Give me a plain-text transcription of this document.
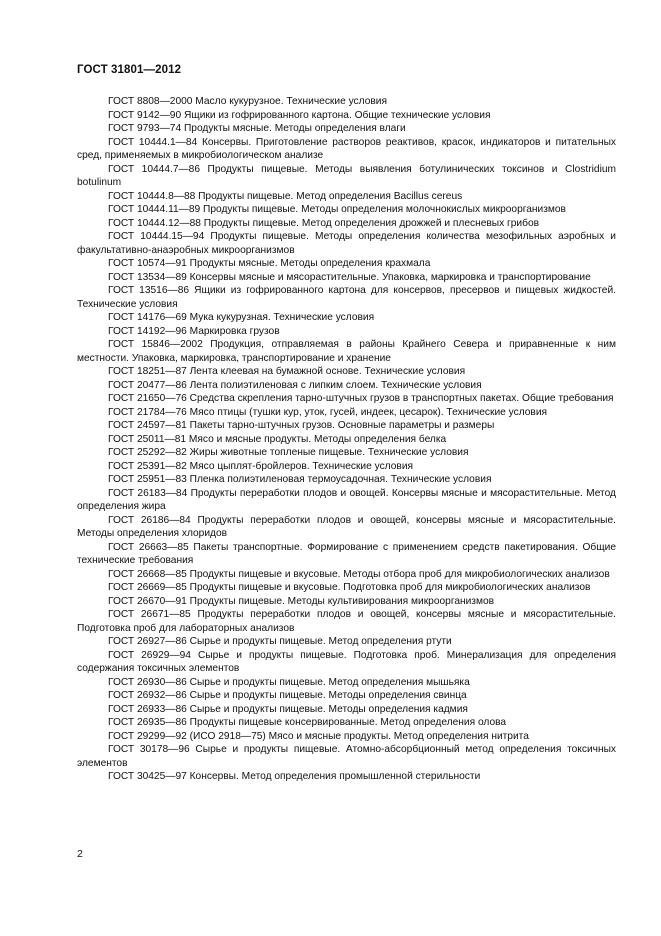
ГОСТ 31801—2012

ГОСТ 8808—2000 Масло кукурузное. Технические условия

ГОСТ 9142—90 Ящики из гофрированного картона. Общие технические условия

ГОСТ 9793—74 Продукты мясные. Методы определения влаги

ГОСТ 10444.1—84 Консервы. Приготовление растворов реактивов, красок, индикаторов и питательных сред, применяемых в микробиологическом анализе

ГОСТ 10444.7—86 Продукты пищевые. Методы выявления ботулинических токсинов и Clostridium botulinum

ГОСТ 10444.8—88 Продукты пищевые. Метод определения Bacillus cereus

ГОСТ 10444.11—89 Продукты пищевые. Методы определения молочнокислых микроорганизмов

ГОСТ 10444.12—88 Продукты пищевые. Метод определения дрожжей и плесневых грибов

ГОСТ 10444.15—94 Продукты пищевые. Методы определения количества мезофильных аэробных и факультативно-анаэробных микроорганизмов

ГОСТ 10574—91 Продукты мясные. Методы определения крахмала

ГОСТ 13534—89 Консервы мясные и мясорастительные. Упаковка, маркировка и транспортирование

ГОСТ 13516—86 Ящики из гофрированного картона для консервов, пресервов и пищевых жидкостей. Технические условия

ГОСТ 14176—69 Мука кукурузная. Технические условия

ГОСТ 14192—96 Маркировка грузов

ГОСТ 15846—2002 Продукция, отправляемая в районы Крайнего Севера и приравненные к ним местности. Упаковка, маркировка, транспортирование и хранение

ГОСТ 18251—87 Лента клеевая на бумажной основе. Технические условия

ГОСТ 20477—86 Лента полиэтиленовая с липким слоем. Технические условия

ГОСТ 21650—76 Средства скрепления тарно-штучных грузов в транспортных пакетах. Общие требования

ГОСТ 21784—76 Мясо птицы (тушки кур, уток, гусей, индеек, цесарок). Технические условия

ГОСТ 24597—81 Пакеты тарно-штучных грузов. Основные параметры и размеры

ГОСТ 25011—81 Мясо и мясные продукты. Методы определения белка

ГОСТ 25292—82 Жиры животные топленые пищевые. Технические условия

ГОСТ 25391—82 Мясо цыплят-бройлеров. Технические условия

ГОСТ 25951—83 Пленка полиэтиленовая термоусадочная. Технические условия

ГОСТ 26183—84 Продукты переработки плодов и овощей. Консервы мясные и мясорастительные. Метод определения жира

ГОСТ 26186—84 Продукты переработки плодов и овощей, консервы мясные и мясорастительные. Методы определения хлоридов

ГОСТ 26663—85 Пакеты транспортные. Формирование с применением средств пакетирования. Общие технические требования

ГОСТ 26668—85 Продукты пищевые и вкусовые. Методы отбора проб для микробиологических анализов

ГОСТ 26669—85 Продукты пищевые и вкусовые. Подготовка проб для микробиологических анализов

ГОСТ 26670—91 Продукты пищевые. Методы культивирования микроорганизмов

ГОСТ 26671—85 Продукты переработки плодов и овощей, консервы мясные и мясорастительные. Подготовка проб для лабораторных анализов

ГОСТ 26927—86 Сырье и продукты пищевые. Метод определения ртути

ГОСТ 26929—94 Сырье и продукты пищевые. Подготовка проб. Минерализация для определения содержания токсичных элементов

ГОСТ 26930—86 Сырье и продукты пищевые. Метод определения мышьяка

ГОСТ 26932—86 Сырье и продукты пищевые. Методы определения свинца

ГОСТ 26933—86 Сырье и продукты пищевые. Методы определения кадмия

ГОСТ 26935—86 Продукты пищевые консервированные. Метод определения олова

ГОСТ 29299—92 (ИСО 2918—75) Мясо и мясные продукты. Метод определения нитрита

ГОСТ 30178—96 Сырье и продукты пищевые. Атомно-абсорбционный метод определения токсичных элементов

ГОСТ 30425—97 Консервы. Метод определения промышленной стерильности

2
